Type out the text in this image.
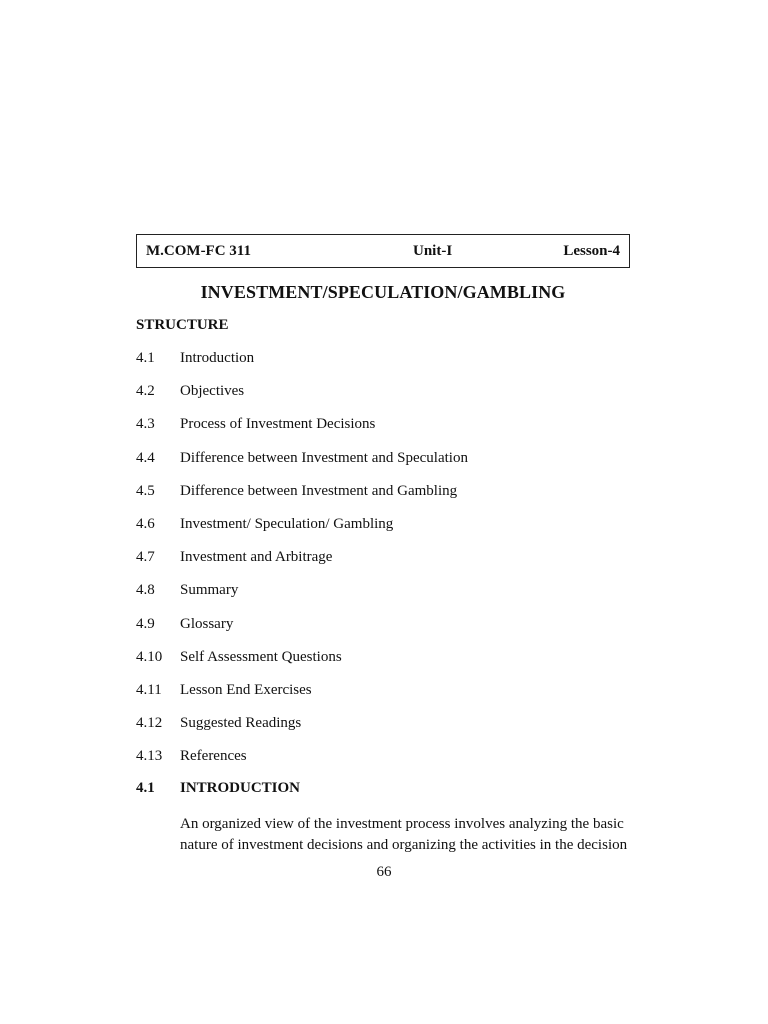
M.COM-FC 311	Unit-I	Lesson-4
INVESTMENT/SPECULATION/GAMBLING
STRUCTURE
4.1 Introduction
4.2 Objectives
4.3 Process of Investment Decisions
4.4 Difference between Investment and Speculation
4.5 Difference between Investment and Gambling
4.6 Investment/ Speculation/ Gambling
4.7 Investment and Arbitrage
4.8 Summary
4.9 Glossary
4.10 Self Assessment Questions
4.11 Lesson End Exercises
4.12 Suggested Readings
4.13 References
4.1 INTRODUCTION

An organized view of the investment process involves analyzing the basic
nature of investment decisions and organizing the activities in the decision

66
